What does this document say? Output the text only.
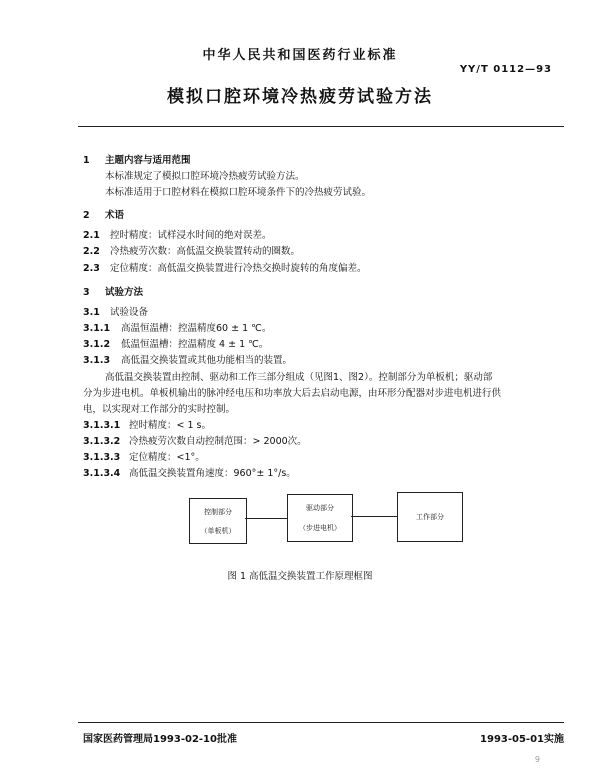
中华人民共和国医药行业标准
YY/T 0112—93
模拟口腔环境冷热疲劳试验方法
1 主题内容与适用范围
本标准规定了模拟口腔环境冷热疲劳试验方法。
本标准适用于口腔材料在模拟口腔环境条件下的冷热疲劳试验。
2 术语
2.1 控时精度：试样浸水时间的绝对误差。
2.2 冷热疲劳次数：高低温交换装置转动的圈数。
2.3 定位精度：高低温交换装置进行冷热交换时旋转的角度偏差。
3 试验方法
3.1 试验设备
3.1.1 高温恒温槽：控温精度60 ± 1 ℃。
3.1.2 低温恒温槽：控温精度 4 ± 1 ℃。
3.1.3 高低温交换装置或其他功能相当的装置。
高低温交换装置由控制、驱动和工作三部分组成（见图1、图2）。控制部分为单板机；驱动部
分为步进电机。单板机输出的脉冲经电压和功率放大后去启动电源，由环形分配器对步进电机进行供
电，以实现对工作部分的实时控制。
3.1.3.1 控时精度：< 1 s。
3.1.3.2 冷热疲劳次数自动控制范围：> 2000次。
3.1.3.3 定位精度：<1°。
3.1.3.4 高低温交换装置角速度：960°± 1°/s。
控制部分
（单板机）
驱动部分
（步进电机）
工作部分
图 1 高低温交换装置工作原理框图
国家医药管理局1993-02-10批准	1993-05-01实施
9
